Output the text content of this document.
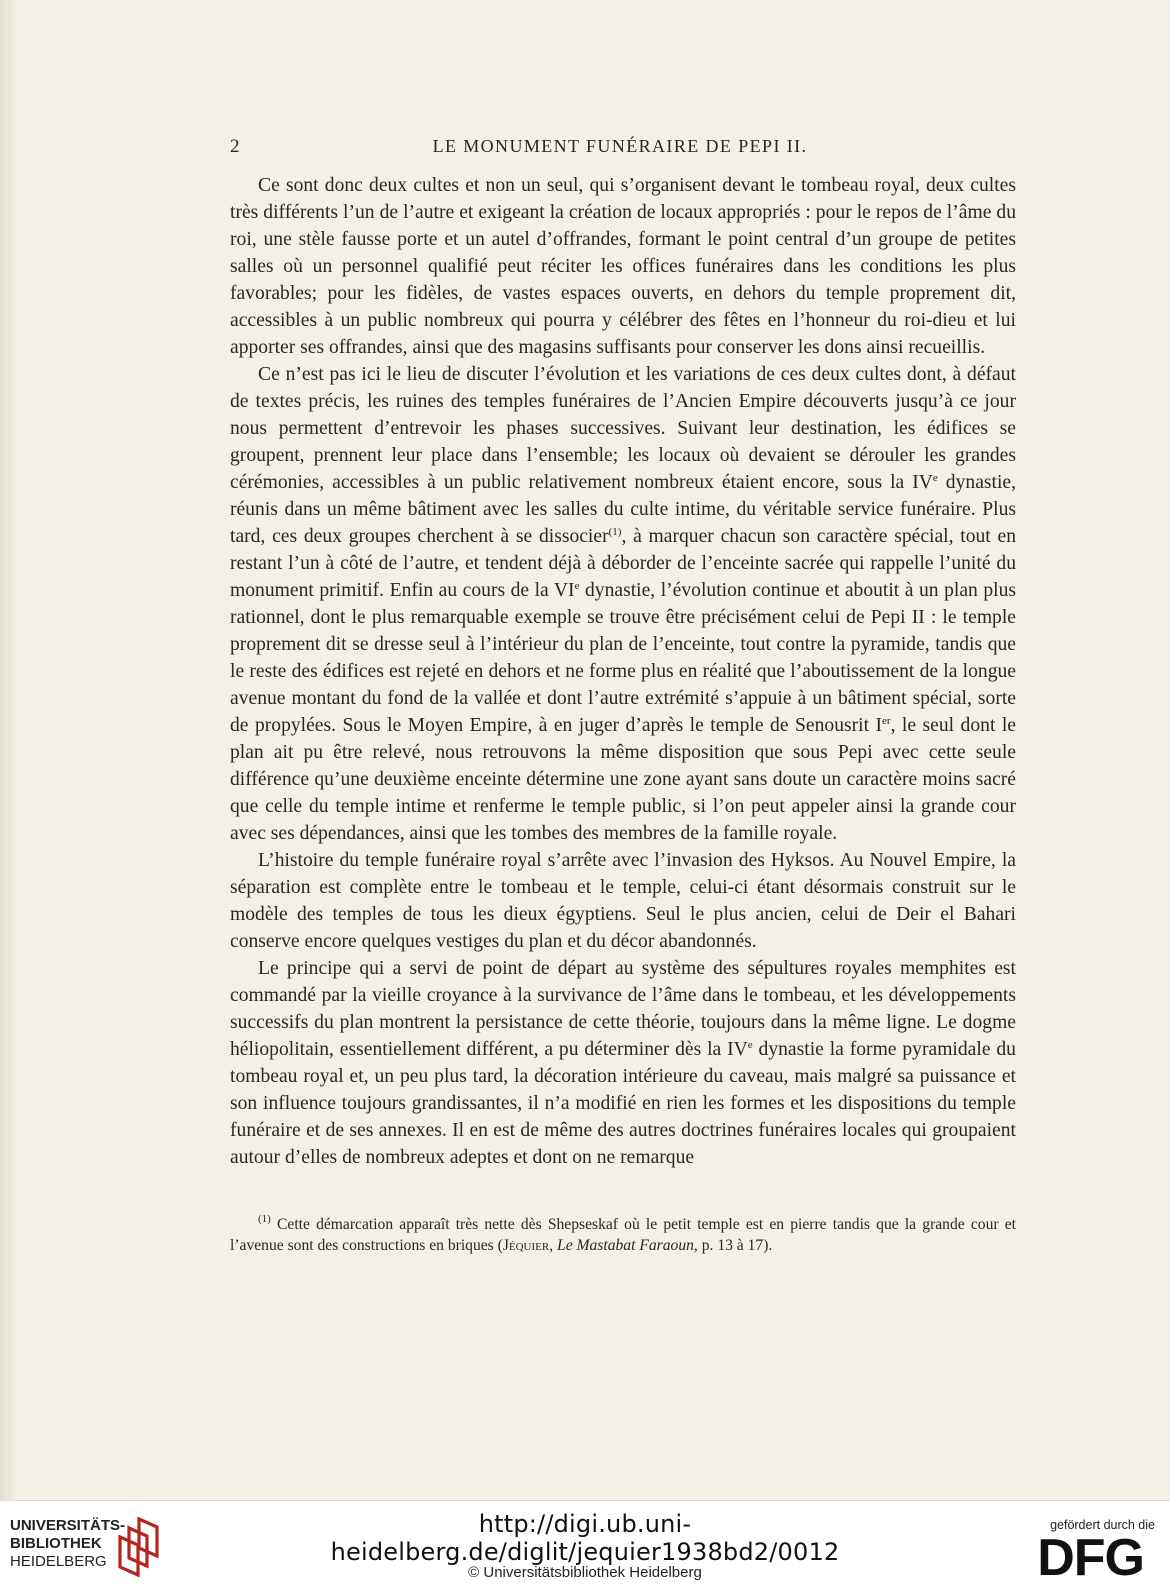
2	LE MONUMENT FUNÉRAIRE DE PEPI II.

Ce sont donc deux cultes et non un seul, qui s’organisent devant le tombeau royal, deux cultes très différents l’un de l’autre et exigeant la création de locaux appropriés : pour le repos de l’âme du roi, une stèle fausse porte et un autel d’offrandes, formant le point central d’un groupe de petites salles où un personnel qualifié peut réciter les offices funéraires dans les conditions les plus favorables; pour les fidèles, de vastes espaces ouverts, en dehors du temple proprement dit, accessibles à un public nombreux qui pourra y célébrer des fêtes en l’honneur du roi-dieu et lui apporter ses offrandes, ainsi que des magasins suffisants pour conserver les dons ainsi recueillis.

Ce n’est pas ici le lieu de discuter l’évolution et les variations de ces deux cultes dont, à défaut de textes précis, les ruines des temples funéraires de l’Ancien Empire découverts jusqu’à ce jour nous permettent d’entrevoir les phases successives. Suivant leur destination, les édifices se groupent, prennent leur place dans l’ensemble; les locaux où devaient se dérouler les grandes cérémonies, accessibles à un public relativement nombreux étaient encore, sous la IVe dynastie, réunis dans un même bâtiment avec les salles du culte intime, du véritable service funéraire. Plus tard, ces deux groupes cherchent à se dissocier$^{(1)}$, à marquer chacun son caractère spécial, tout en restant l’un à côté de l’autre, et tendent déjà à déborder de l’enceinte sacrée qui rappelle l’unité du monument primitif. Enfin au cours de la VIe dynastie, l’évolution continue et aboutit à un plan plus rationnel, dont le plus remarquable exemple se trouve être précisément celui de Pepi II : le temple proprement dit se dresse seul à l’intérieur du plan de l’enceinte, tout contre la pyramide, tandis que le reste des édifices est rejeté en dehors et ne forme plus en réalité que l’aboutissement de la longue avenue montant du fond de la vallée et dont l’autre extrémité s’appuie à un bâtiment spécial, sorte de propylées. Sous le Moyen Empire, à en juger d’après le temple de Senousrit Ier, le seul dont le plan ait pu être relevé, nous retrouvons la même disposition que sous Pepi avec cette seule différence qu’une deuxième enceinte détermine une zone ayant sans doute un caractère moins sacré que celle du temple intime et renferme le temple public, si l’on peut appeler ainsi la grande cour avec ses dépendances, ainsi que les tombes des membres de la famille royale.

L’histoire du temple funéraire royal s’arrête avec l’invasion des Hyksos. Au Nouvel Empire, la séparation est complète entre le tombeau et le temple, celui-ci étant désormais construit sur le modèle des temples de tous les dieux égyptiens. Seul le plus ancien, celui de Deir el Bahari conserve encore quelques vestiges du plan et du décor abandonnés.

Le principe qui a servi de point de départ au système des sépultures royales memphites est commandé par la vieille croyance à la survivance de l’âme dans le tombeau, et les développements successifs du plan montrent la persistance de cette théorie, toujours dans la même ligne. Le dogme héliopolitain, essentiellement différent, a pu déterminer dès la IVe dynastie la forme pyramidale du tombeau royal et, un peu plus tard, la décoration intérieure du caveau, mais malgré sa puissance et son influence toujours grandissantes, il n’a modifié en rien les formes et les dispositions du temple funéraire et de ses annexes. Il en est de même des autres doctrines funéraires locales qui groupaient autour d’elles de nombreux adeptes et dont on ne remarque

$^{(1)}$ Cette démarcation apparaît très nette dès Shepseskaf où le petit temple est en pierre tandis que la grande cour et l’avenue sont des constructions en briques (Jéquier, Le Mastabat Faraoun, p. 13 à 17).

UNIVERSITÄTS-
BIBLIOTHEK
HEIDELBERG
http://digi.ub.uni-heidelberg.de/diglit/jequier1938bd2/0012
© Universitätsbibliothek Heidelberg
gefördert durch die
DFG
